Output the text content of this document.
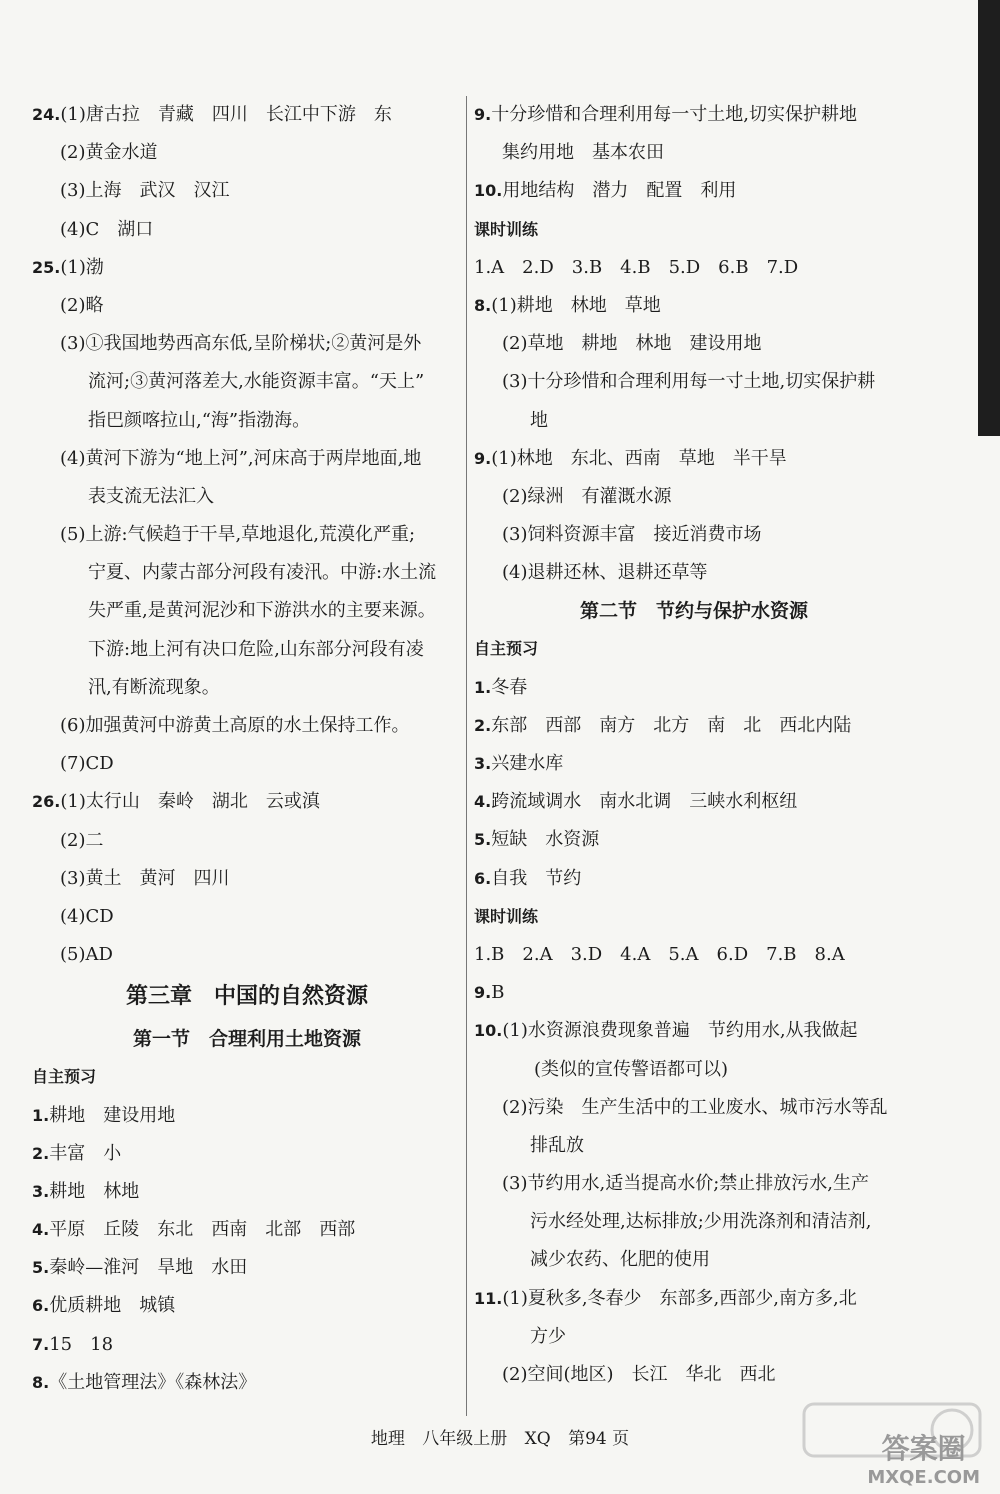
24.(1)唐古拉　青藏　四川　长江中下游　东
(2)黄金水道
(3)上海　武汉　汉江
(4)C　湖口
25.(1)渤
(2)略
(3)①我国地势西高东低,呈阶梯状;②黄河是外
流河;③黄河落差大,水能资源丰富。“天上”
指巴颜喀拉山,“海”指渤海。
(4)黄河下游为“地上河”,河床高于两岸地面,地
表支流无法汇入
(5)上游:气候趋于干旱,草地退化,荒漠化严重;
宁夏、内蒙古部分河段有凌汛。中游:水土流
失严重,是黄河泥沙和下游洪水的主要来源。
下游:地上河有决口危险,山东部分河段有凌
汛,有断流现象。
(6)加强黄河中游黄土高原的水土保持工作。
(7)CD
26.(1)太行山　秦岭　湖北　云或滇
(2)二
(3)黄土　黄河　四川
(4)CD
(5)AD
第三章　中国的自然资源
第一节　合理利用土地资源
自主预习
1.耕地　建设用地
2.丰富　小
3.耕地　林地
4.平原　丘陵　东北　西南　北部　西部
5.秦岭—淮河　旱地　水田
6.优质耕地　城镇
7.15　18
8.《土地管理法》《森林法》
9.十分珍惜和合理利用每一寸土地,切实保护耕地
集约用地　基本农田
10.用地结构　潜力　配置　利用
课时训练
1.A　2.D　3.B　4.B　5.D　6.B　7.D
8.(1)耕地　林地　草地
(2)草地　耕地　林地　建设用地
(3)十分珍惜和合理利用每一寸土地,切实保护耕
地
9.(1)林地　东北、西南　草地　半干旱
(2)绿洲　有灌溉水源
(3)饲料资源丰富　接近消费市场
(4)退耕还林、退耕还草等
第二节　节约与保护水资源
自主预习
1.冬春
2.东部　西部　南方　北方　南　北　西北内陆
3.兴建水库
4.跨流域调水　南水北调　三峡水利枢纽
5.短缺　水资源
6.自我　节约
课时训练
1.B　2.A　3.D　4.A　5.A　6.D　7.B　8.A
9.B
10.(1)水资源浪费现象普遍　节约用水,从我做起
(类似的宣传警语都可以)
(2)污染　生产生活中的工业废水、城市污水等乱
排乱放
(3)节约用水,适当提高水价;禁止排放污水,生产
污水经处理,达标排放;少用洗涤剂和清洁剂,
减少农药、化肥的使用
11.(1)夏秋多,冬春少　东部多,西部少,南方多,北
方少
(2)空间(地区)　长江　华北　西北
地理 八年级上册 XQ 第94 页	答案圈
MXQE.COM
